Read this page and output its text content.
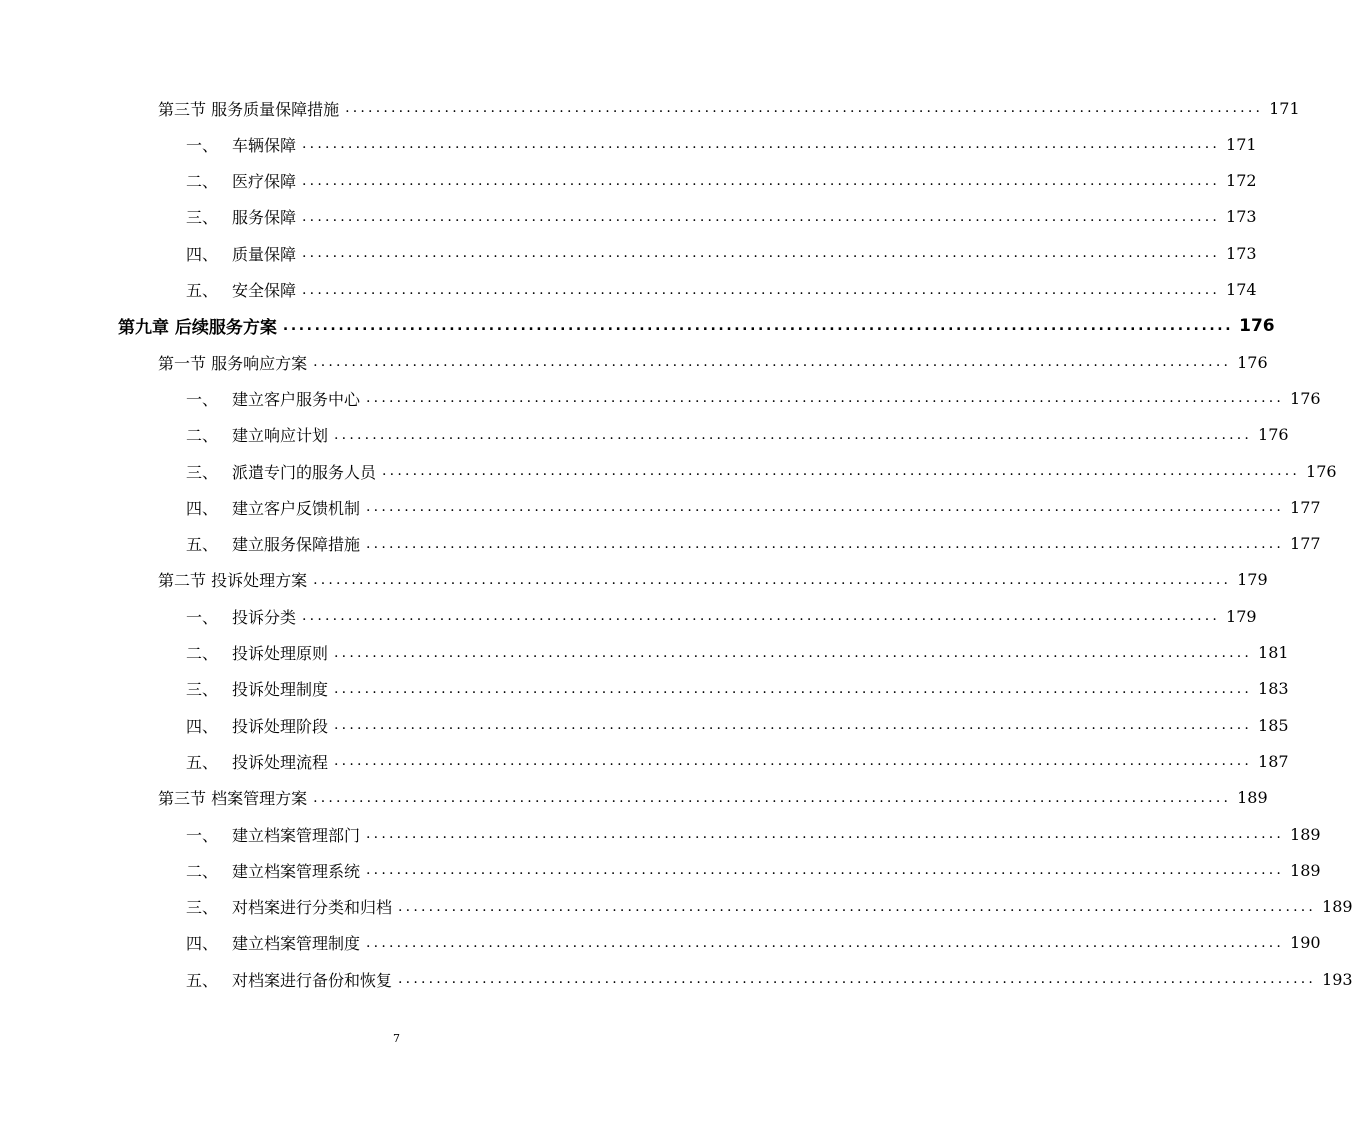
第三节 服务质量保障措施 ........................................................................................................................ 171
一、 车辆保障 ........................................................................................................................ 171
二、 医疗保障 ........................................................................................................................ 172
三、 服务保障 ........................................................................................................................ 173
四、 质量保障 ........................................................................................................................ 173
五、 安全保障 ........................................................................................................................ 174
第九章 后续服务方案 ........................................................................................................................ 176
第一节 服务响应方案 ........................................................................................................................ 176
一、 建立客户服务中心 ........................................................................................................................ 176
二、 建立响应计划 ........................................................................................................................ 176
三、 派遣专门的服务人员 ........................................................................................................................ 176
四、 建立客户反馈机制 ........................................................................................................................ 177
五、 建立服务保障措施 ........................................................................................................................ 177
第二节 投诉处理方案 ........................................................................................................................ 179
一、 投诉分类 ........................................................................................................................ 179
二、 投诉处理原则 ........................................................................................................................ 181
三、 投诉处理制度 ........................................................................................................................ 183
四、 投诉处理阶段 ........................................................................................................................ 185
五、 投诉处理流程 ........................................................................................................................ 187
第三节 档案管理方案 ........................................................................................................................ 189
一、 建立档案管理部门 ........................................................................................................................ 189
二、 建立档案管理系统 ........................................................................................................................ 189
三、 对档案进行分类和归档 ........................................................................................................................ 189
四、 建立档案管理制度 ........................................................................................................................ 190
五、 对档案进行备份和恢复 ........................................................................................................................ 193
7
